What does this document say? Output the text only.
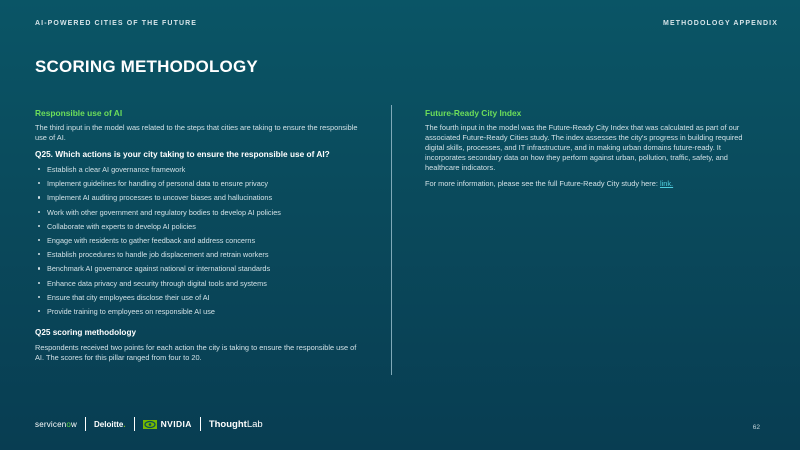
AI-POWERED CITIES OF THE FUTURE	METHODOLOGY APPENDIX
SCORING METHODOLOGY
Responsible use of AI

The third input in the model was related to the steps that cities are taking to ensure the responsible use of AI.

Q25. Which actions is your city taking to ensure the responsible use of AI?
Establish a clear AI governance framework
Implement guidelines for handling of personal data to ensure privacy
Implement AI auditing processes to uncover biases and hallucinations
Work with other government and regulatory bodies to develop AI policies
Collaborate with experts to develop AI policies
Engage with residents to gather feedback and address concerns
Establish procedures to handle job displacement and retrain workers
Benchmark AI governance against national or international standards
Enhance data privacy and security through digital tools and systems
Ensure that city employees disclose their use of AI
Provide training to employees on responsible AI use
Q25 scoring methodology

Respondents received two points for each action the city is taking to ensure the responsible use of AI. The scores for this pillar ranged from four to 20.

Future-Ready City Index

The fourth input in the model was the Future-Ready City Index that was calculated as part of our associated Future-Ready Cities study. The index assesses the city's progress in building required digital skills, processes, and IT infrastructure, and in making urban domains future-ready. It incorporates secondary data on how they perform against urban, pollution, traffic, safety, and healthcare indicators.

For more information, please see the full Future-Ready City study here: link.

servicenow Deloitte.	NVIDIA ThoughtLab	62
